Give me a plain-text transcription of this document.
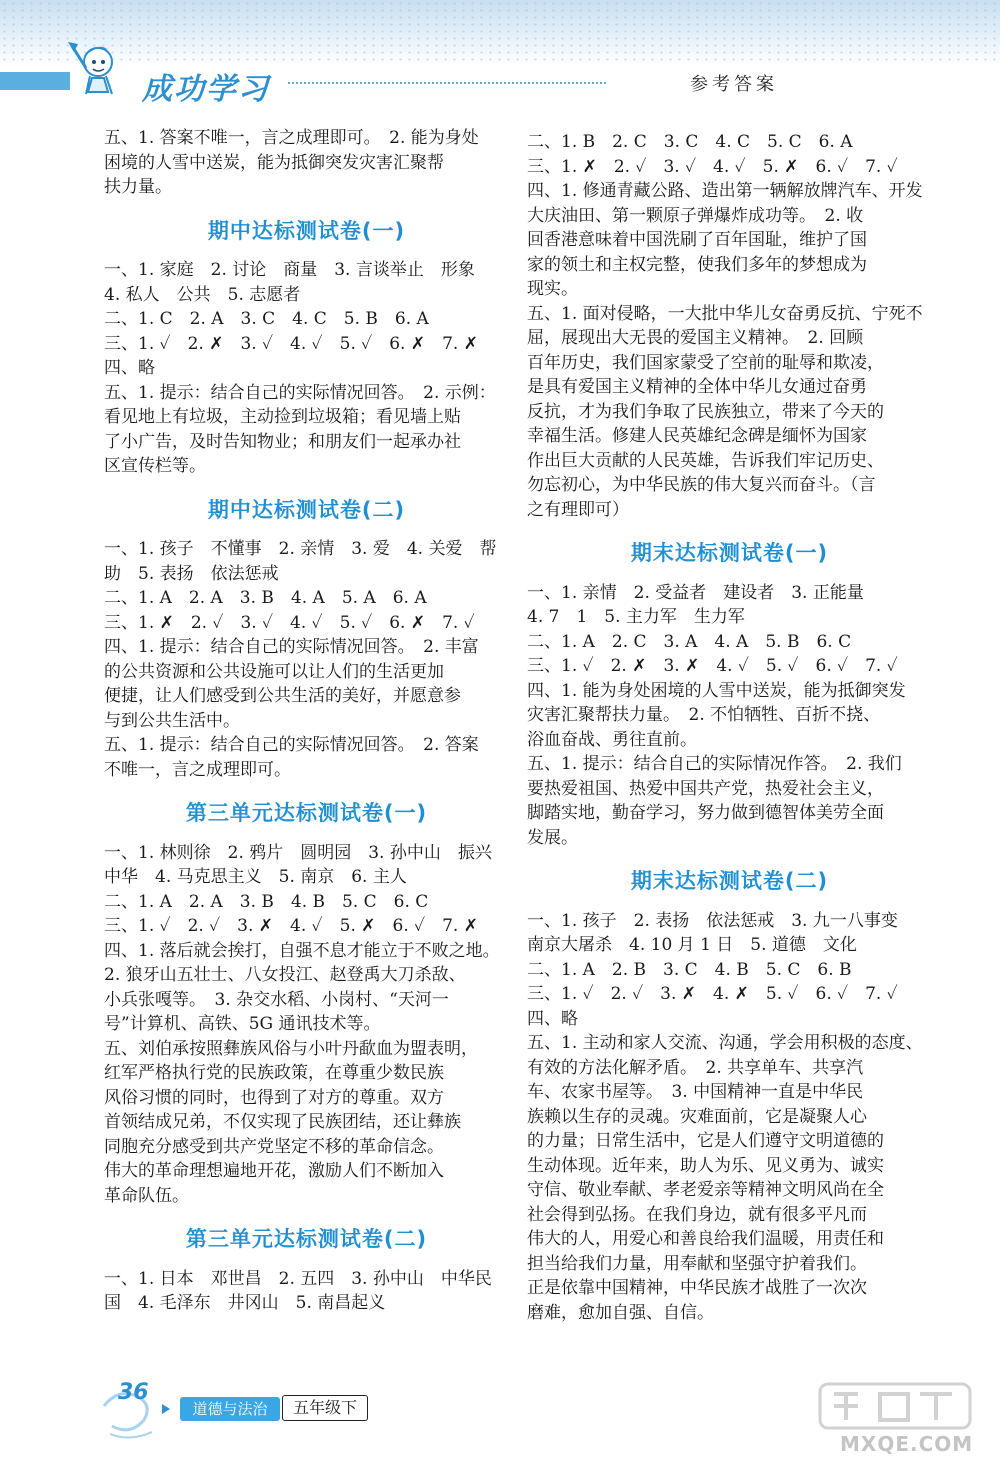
成功学习	参考答案
五、1. 答案不唯一，言之成理即可。　2. 能为身处
困境的人雪中送炭，能为抵御突发灾害汇聚帮
扶力量。
期中达标测试卷(一)
一、1. 家庭　2. 讨论　商量　3. 言谈举止　形象
4. 私人　公共　5. 志愿者
二、1. C　2. A　3. C　4. C　5. B　6. A
三、1. ✓　2. ✗　3. ✓　4. ✓　5. ✓　6. ✗　7. ✗
四、略
五、1. 提示：结合自己的实际情况回答。　2. 示例：
看见地上有垃圾，主动捡到垃圾箱；看见墙上贴
了小广告，及时告知物业；和朋友们一起承办社
区宣传栏等。
期中达标测试卷(二)
一、1. 孩子　不懂事　2. 亲情　3. 爱　4. 关爱　帮
助　5. 表扬　依法惩戒
二、1. A　2. A　3. B　4. A　5. A　6. A
三、1. ✗　2. ✓　3. ✓　4. ✓　5. ✓　6. ✗　7. ✓
四、1. 提示：结合自己的实际情况回答。　2. 丰富
的公共资源和公共设施可以让人们的生活更加
便捷，让人们感受到公共生活的美好，并愿意参
与到公共生活中。
五、1. 提示：结合自己的实际情况回答。　2. 答案
不唯一，言之成理即可。
第三单元达标测试卷(一)
一、1. 林则徐　2. 鸦片　圆明园　3. 孙中山　振兴
中华　4. 马克思主义　5. 南京　6. 主人
二、1. A　2. A　3. B　4. B　5. C　6. C
三、1. ✓　2. ✓　3. ✗　4. ✓　5. ✗　6. ✓　7. ✗
四、1. 落后就会挨打，自强不息才能立于不败之地。
2. 狼牙山五壮士、八女投江、赵登禹大刀杀敌、
小兵张嘎等。　3. 杂交水稻、小岗村、“天河一
号”计算机、高铁、5G 通讯技术等。
五、刘伯承按照彝族风俗与小叶丹歃血为盟表明，
红军严格执行党的民族政策，在尊重少数民族
风俗习惯的同时，也得到了对方的尊重。双方
首领结成兄弟，不仅实现了民族团结，还让彝族
同胞充分感受到共产党坚定不移的革命信念。
伟大的革命理想遍地开花，激励人们不断加入
革命队伍。
第三单元达标测试卷(二)
一、1. 日本　邓世昌　2. 五四　3. 孙中山　中华民
国　4. 毛泽东　井冈山　5. 南昌起义
二、1. B　2. C　3. C　4. C　5. C　6. A
三、1. ✗　2. ✓　3. ✓　4. ✓　5. ✗　6. ✓　7. ✓
四、1. 修通青藏公路、造出第一辆解放牌汽车、开发
大庆油田、第一颗原子弹爆炸成功等。　2. 收
回香港意味着中国洗刷了百年国耻，维护了国
家的领土和主权完整，使我们多年的梦想成为
现实。
五、1. 面对侵略，一大批中华儿女奋勇反抗、宁死不
屈，展现出大无畏的爱国主义精神。　2. 回顾
百年历史，我们国家蒙受了空前的耻辱和欺凌，
是具有爱国主义精神的全体中华儿女通过奋勇
反抗，才为我们争取了民族独立，带来了今天的
幸福生活。修建人民英雄纪念碑是缅怀为国家
作出巨大贡献的人民英雄，告诉我们牢记历史、
勿忘初心，为中华民族的伟大复兴而奋斗。（言
之有理即可）
期末达标测试卷(一)
一、1. 亲情　2. 受益者　建设者　3. 正能量
4. 7　1　5. 主力军　生力军
二、1. A　2. C　3. A　4. A　5. B　6. C
三、1. ✓　2. ✗　3. ✗　4. ✓　5. ✓　6. ✓　7. ✓
四、1. 能为身处困境的人雪中送炭，能为抵御突发
灾害汇聚帮扶力量。　2. 不怕牺牲、百折不挠、
浴血奋战、勇往直前。
五、1. 提示：结合自己的实际情况作答。　2. 我们
要热爱祖国、热爱中国共产党，热爱社会主义，
脚踏实地，勤奋学习，努力做到德智体美劳全面
发展。
期末达标测试卷(二)
一、1. 孩子　2. 表扬　依法惩戒　3. 九一八事变
南京大屠杀　4. 10 月 1 日　5. 道德　文化
二、1. A　2. B　3. C　4. B　5. C　6. B
三、1. ✓　2. ✓　3. ✗　4. ✗　5. ✓　6. ✓　7. ✓
四、略
五、1. 主动和家人交流、沟通，学会用积极的态度、
有效的方法化解矛盾。　2. 共享单车、共享汽
车、农家书屋等。　3. 中国精神一直是中华民
族赖以生存的灵魂。灾难面前，它是凝聚人心
的力量；日常生活中，它是人们遵守文明道德的
生动体现。近年来，助人为乐、见义勇为、诚实
守信、敬业奉献、孝老爱亲等精神文明风尚在全
社会得到弘扬。在我们身边，就有很多平凡而
伟大的人，用爱心和善良给我们温暖，用责任和
担当给我们力量，用奉献和坚强守护着我们。
正是依靠中国精神，中华民族才战胜了一次次
磨难，愈加自强、自信。
36
道德与法治	五年级下
MXQE.COM
